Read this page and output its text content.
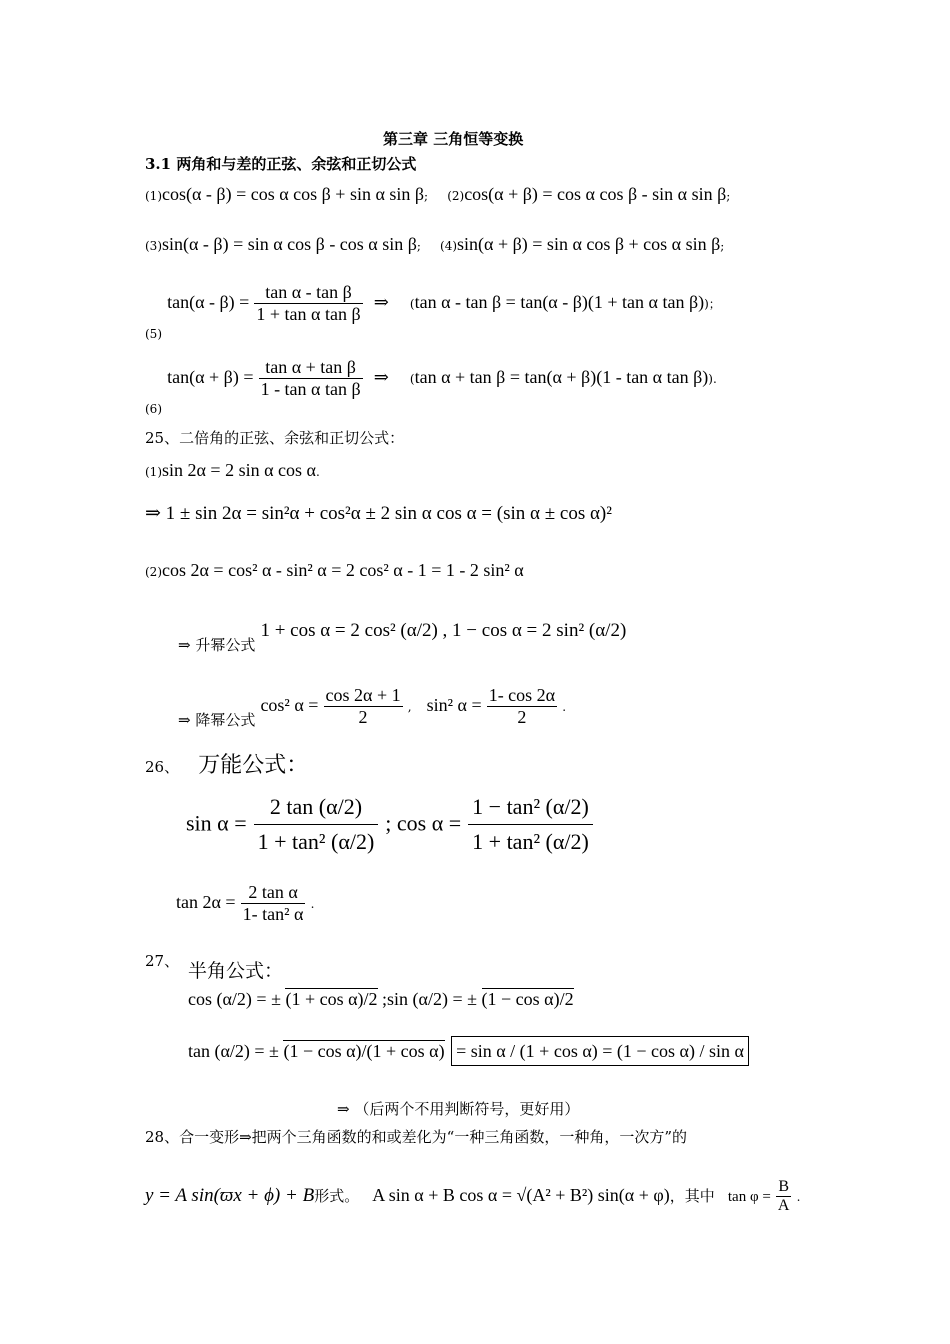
第三章 三角恒等变换
3.1 两角和与差的正弦、余弦和正切公式
(1)cos(α - β) = cos α cos β + sin α sin β; (2)cos(α + β) = cos α cos β - sin α sin β;
(3)sin(α - β) = sin α cos β - cos α sin β; (4)sin(α + β) = sin α cos β + cos α sin β;
$_{(5)}$ $\tan(\alpha - \beta) = \frac{\text{tan α - tan β}}{\text{1 + tan α tan β}}$ ⇒ (tan α - tan β = tan(α - β)(1 + tan α tan β))；
$_{(6)}$ $\tan(\alpha + \beta) = \frac{\text{tan α + tan β}}{\text{1 - tan α tan β}}$ ⇒ (tan α + tan β = tan(α + β)(1 - tan α tan β)).
25、二倍角的正弦、余弦和正切公式：
(1)sin 2α = 2 sin α cos α.
⇒ 1 ± sin 2α = sin²α + cos²α ± 2 sin α cos α = (sin α ± cos α)²
(2)cos 2α = cos² α - sin² α = 2 cos² α - 1 = 1 - 2 sin² α
⇒ 升幂公式 1 + cos α = 2 cos² (α/2) , 1 − cos α = 2 sin² (α/2)
⇒ 降幂公式 cos² $\alpha = \frac{\cos 2\alpha + 1}{2}$ , sin² $\alpha = \frac{1- \cos 2\alpha}{2}$ .
26、 万能公式：
$\sin \alpha = \frac{2 \tan (\alpha/2)}{\text{1 + tan² (α/2)}}$ ; $\cos \alpha = \frac{\text{1 − tan² (α/2)}}{\text{1 + tan² (α/2)}}$
$\tan 2\alpha = \frac{\text{2 tan α}}{\text{1- tan² α}}$ .
27、 半角公式：
cos (α/2) = ± (1 + cos α)/2 ;sin (α/2) = ± (1 − cos α)/2
tan (α/2) = ± (1 − cos α)/(1 + cos α) = sin α / (1 + cos α) = (1 − cos α) / sin α
⇒ （后两个不用判断符号，更好用）
28、合一变形⇒把两个三角函数的和或差化为“一种三角函数，一种角，一次方”的
y = A sin(ϖx + ϕ) + B形式。 A sin α + B cos α = √(A² + B²) sin(α + φ)，其中 $\tan \varphi = \frac{B}{A}$ .
